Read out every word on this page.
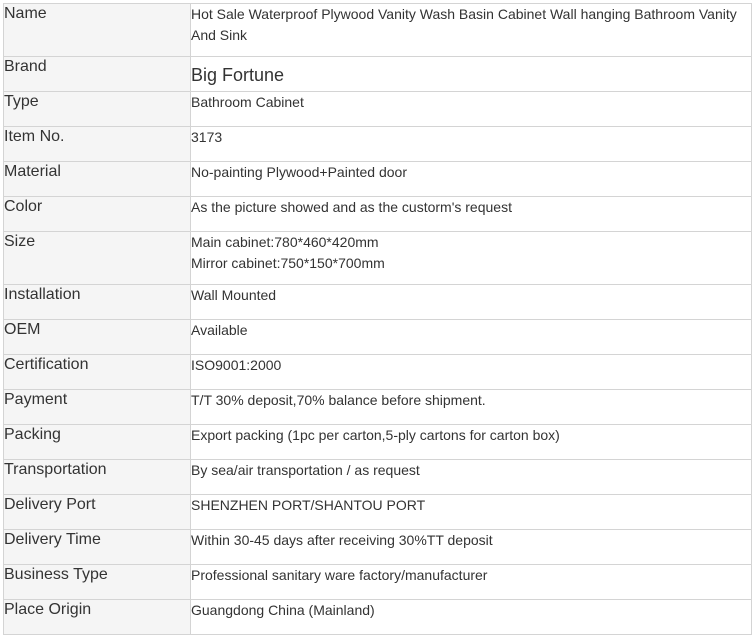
Name	Hot Sale Waterproof Plywood Vanity Wash Basin Cabinet Wall hanging Bathroom Vanity And Sink
Brand	Big Fortune
Type	Bathroom Cabinet
Item No.	3173
Material	No-painting Plywood+Painted door
Color	As the picture showed and as the custorm's request
Size	Main cabinet:780*460*420mm
Mirror cabinet:750*150*700mm

Installation	Wall Mounted
OEM	Available
Certification	ISO9001:2000
Payment	T/T 30% deposit,70% balance before shipment.
Packing	Export packing (1pc per carton,5-ply cartons for carton box)
Transportation	By sea/air transportation / as request
Delivery Port	SHENZHEN PORT/SHANTOU PORT
Delivery Time	Within 30-45 days after receiving 30%TT deposit
Business Type	Professional sanitary ware factory/manufacturer
Place Origin	Guangdong China (Mainland)
